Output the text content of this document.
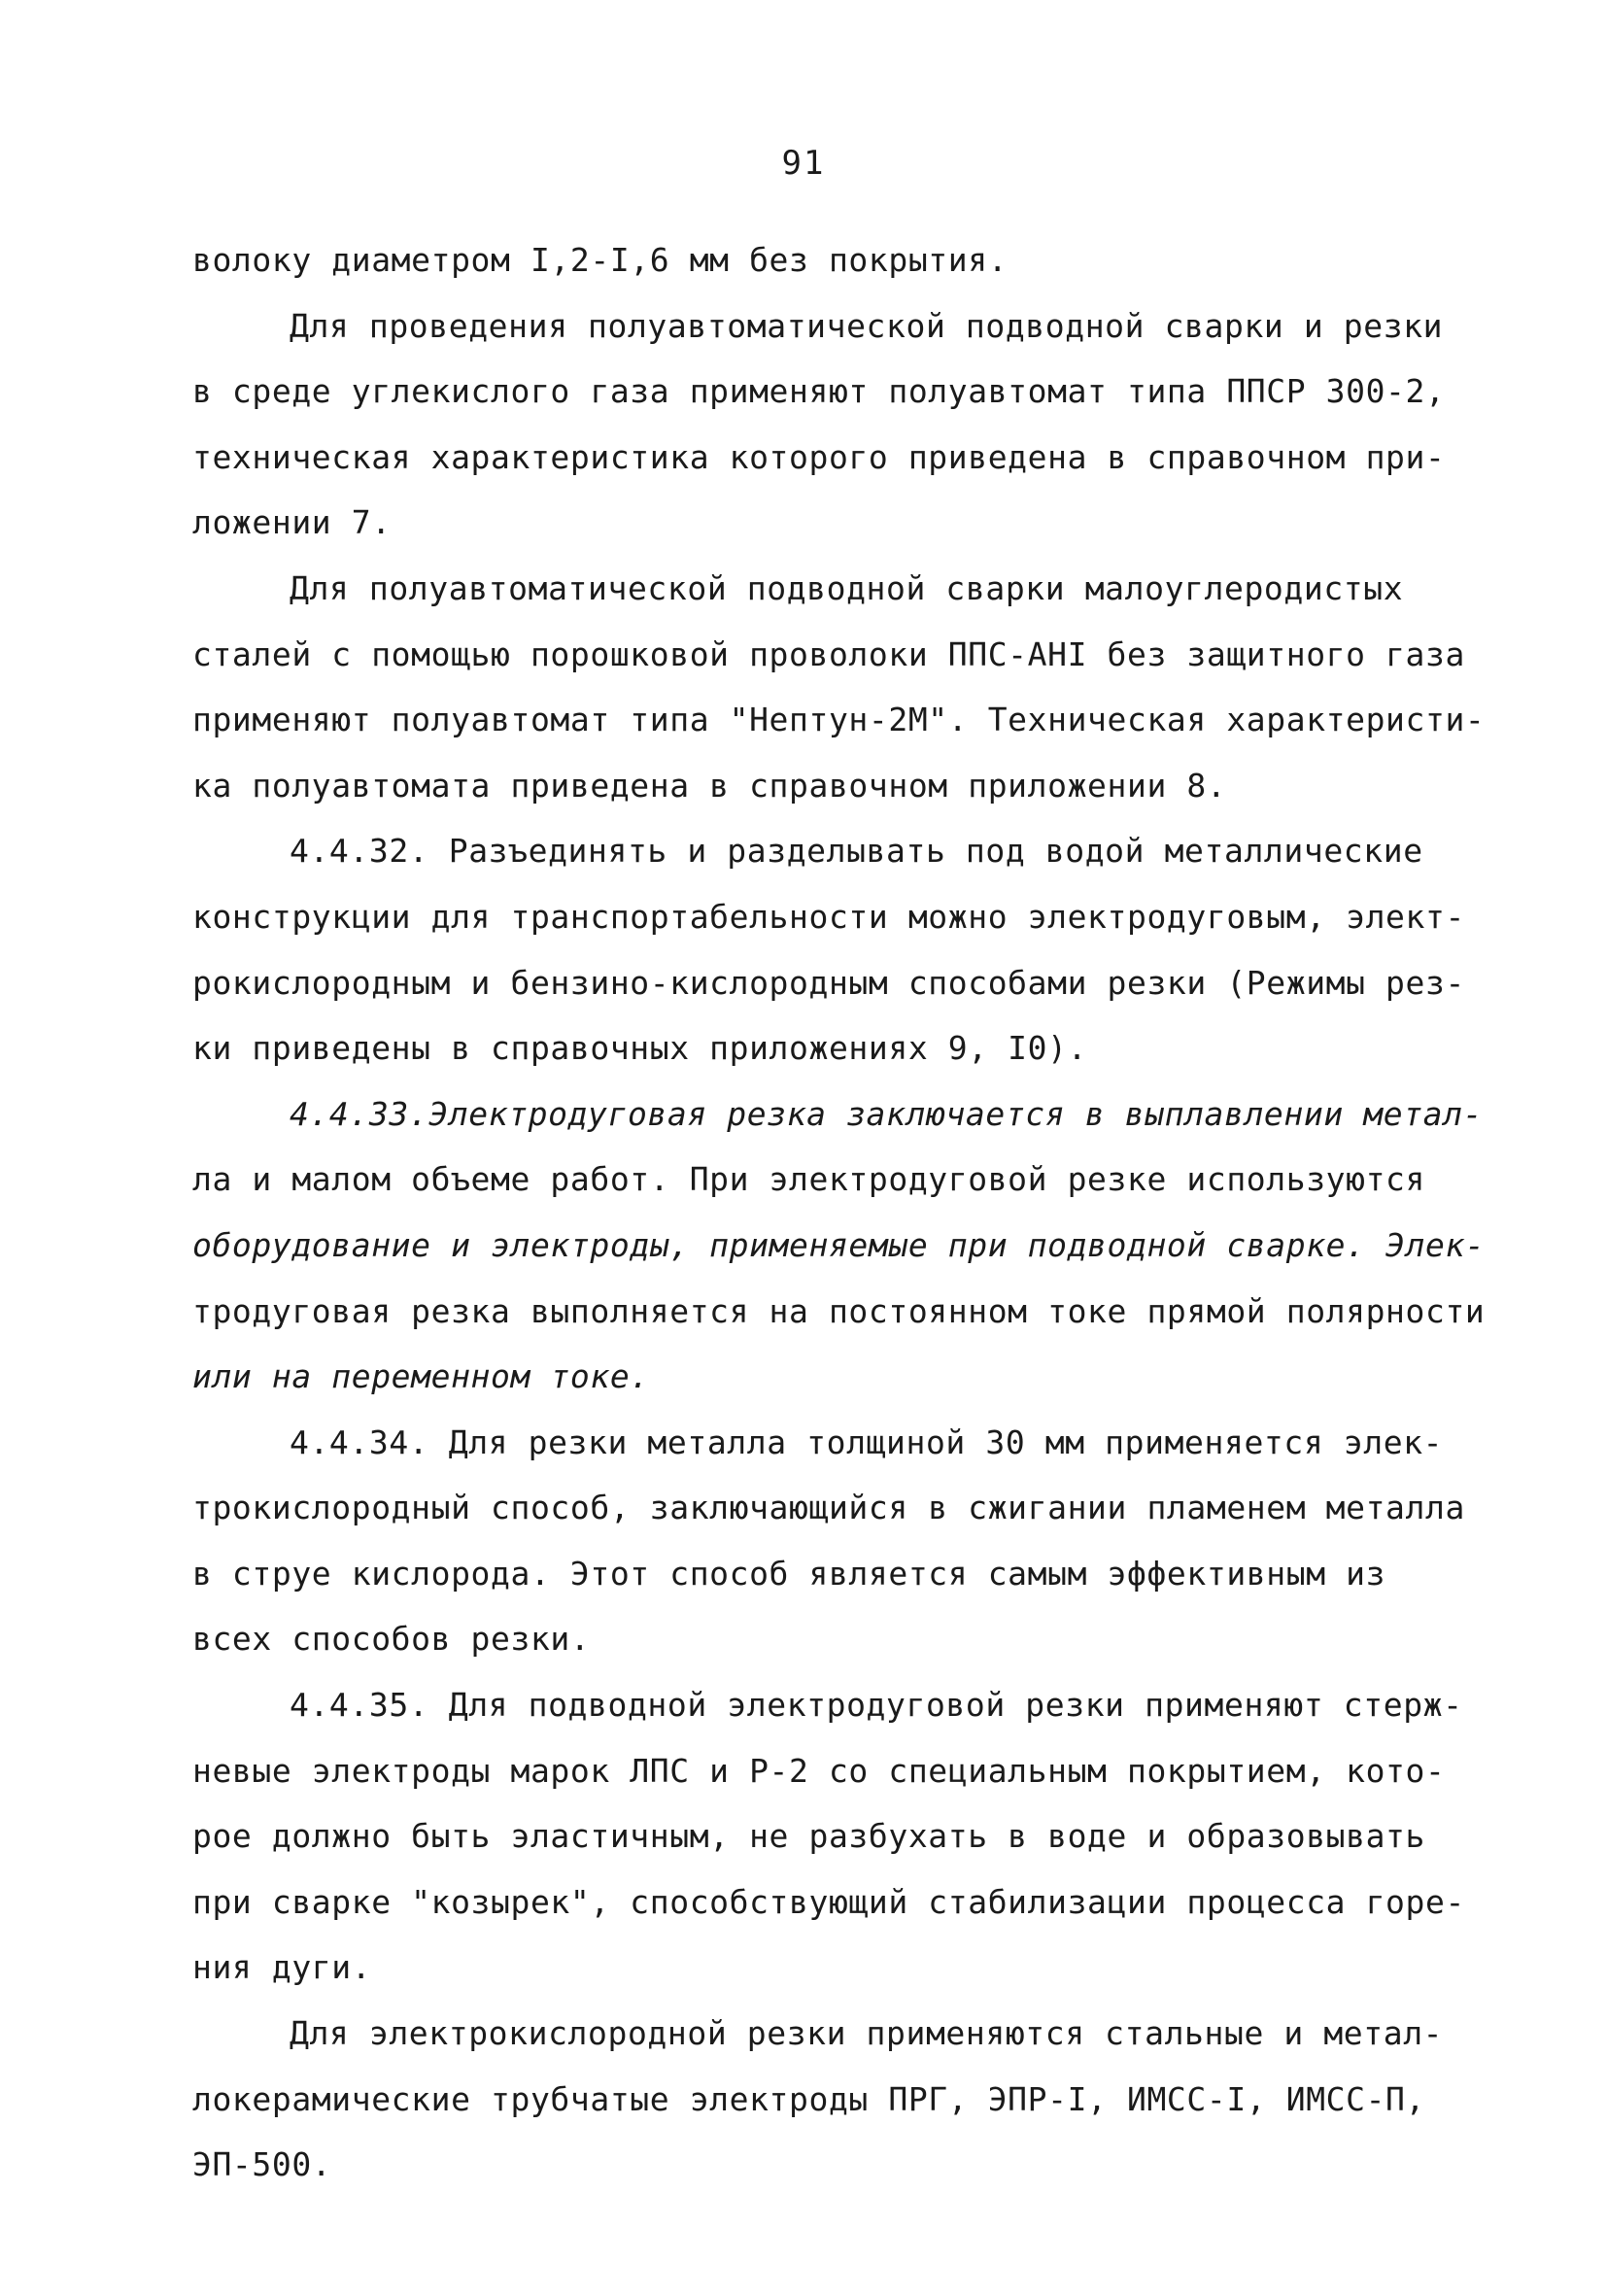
91
волоку диаметром I,2-I,6 мм без покрытия.
Для проведения полуавтоматической подводной сварки и резки
в среде углекислого газа применяют полуавтомат типа ППСР 300-2,
техническая характеристика которого приведена в справочном при-
ложении 7.
Для полуавтоматической подводной сварки малоуглеродистых
сталей с помощью порошковой проволоки ППС-АНI без защитного газа
применяют полуавтомат типа "Нептун-2М". Техническая характеристи-
ка полуавтомата приведена в справочном приложении 8.
4.4.32. Разъединять и разделывать под водой металлические
конструкции для транспортабельности можно электродуговым, элект-
рокислородным и бензино-кислородным способами резки (Режимы рез-
ки приведены в справочных приложениях 9, I0).
4.4.33.Электродуговая резка заключается в выплавлении метал-
ла и малом объеме работ. При электродуговой резке используются
оборудование и электроды, применяемые при подводной сварке. Элек-
тродуговая резка выполняется на постоянном токе прямой полярности
или на переменном токе.
4.4.34. Для резки металла толщиной 30 мм применяется элек-
трокислородный способ, заключающийся в сжигании пламенем металла
в струе кислорода. Этот способ является самым эффективным из
всех способов резки.
4.4.35. Для подводной электродуговой резки применяют стерж-
невые электроды марок ЛПС и Р-2 со специальным покрытием, кото-
рое должно быть эластичным, не разбухать в воде и образовывать
при сварке "козырек", способствующий стабилизации процесса горе-
ния дуги.
Для электрокислородной резки применяются стальные и метал-
локерамические трубчатые электроды ПРГ, ЭПР-I, ИМСС-I, ИМСС-П,
ЭП-500.
